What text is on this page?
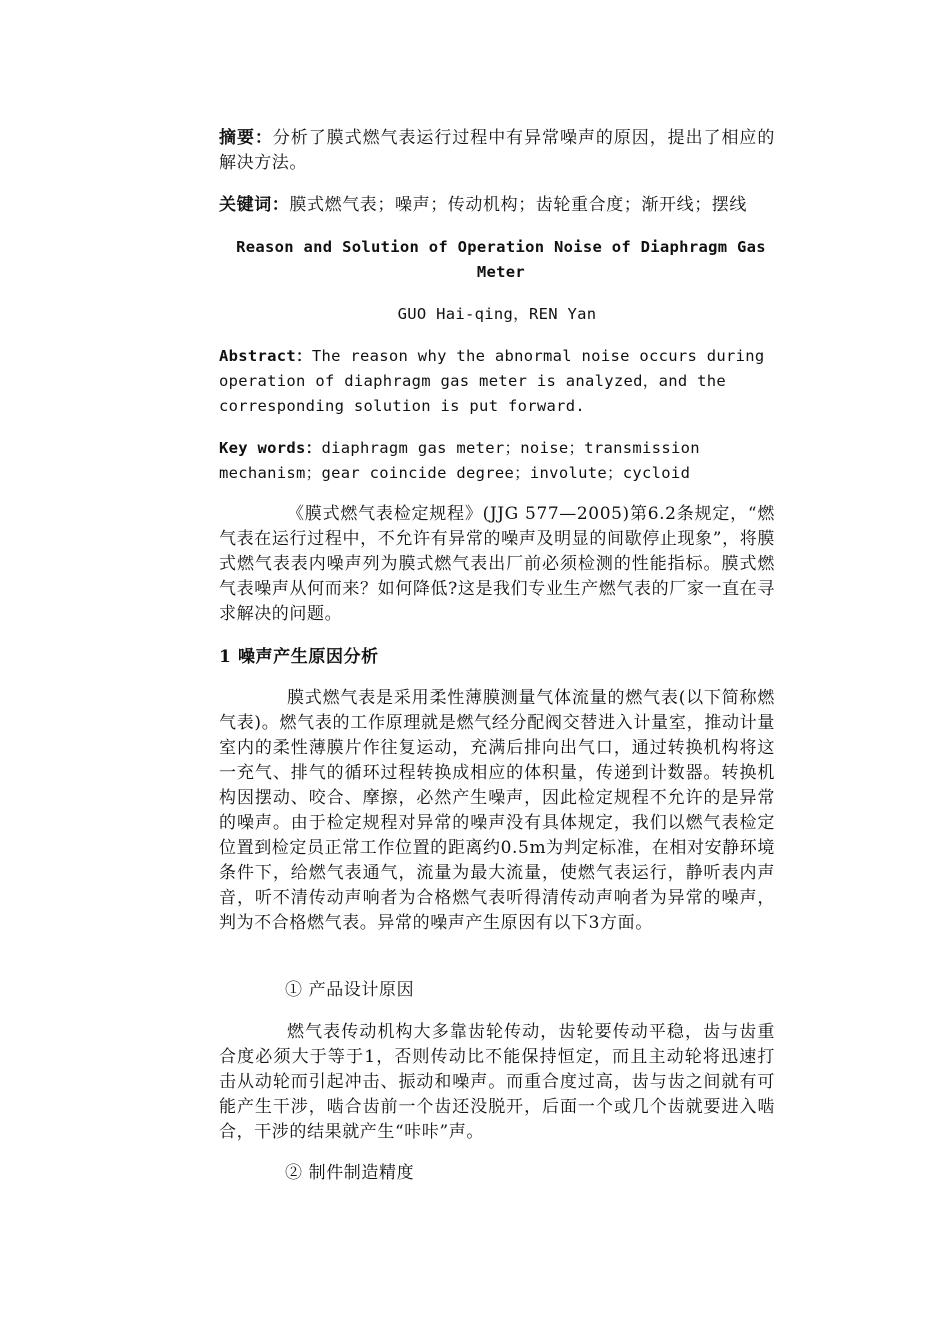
摘要：分析了膜式燃气表运行过程中有异常噪声的原因，提出了相应的解决方法。
关键词：膜式燃气表；噪声；传动机构；齿轮重合度；渐开线；摆线
Reason and Solution of Operation Noise of Diaphragm Gas Meter
GUO Hai-qing，REN Yan
Abstract：The reason why the abnormal noise occurs during operation of diaphragm gas meter is analyzed，and the corresponding solution is put forward.
Key words：diaphragm gas meter；noise；transmission mechanism；gear coincide degree；involute；cycloid
《膜式燃气表检定规程》(JJG 577—2005)第6.2条规定，“燃气表在运行过程中，不允许有异常的噪声及明显的间歇停止现象”，将膜式燃气表表内噪声列为膜式燃气表出厂前必须检测的性能指标。膜式燃气表噪声从何而来？如何降低?这是我们专业生产燃气表的厂家一直在寻求解决的问题。
1 噪声产生原因分析
膜式燃气表是采用柔性薄膜测量气体流量的燃气表(以下简称燃气表)。燃气表的工作原理就是燃气经分配阀交替进入计量室，推动计量室内的柔性薄膜片作往复运动，充满后排向出气口，通过转换机构将这一充气、排气的循环过程转换成相应的体积量，传递到计数器。转换机构因摆动、咬合、摩擦，必然产生噪声，因此检定规程不允许的是异常的噪声。由于检定规程对异常的噪声没有具体规定，我们以燃气表检定位置到检定员正常工作位置的距离约0.5m为判定标准，在相对安静环境条件下，给燃气表通气，流量为最大流量，使燃气表运行，静听表内声音，听不清传动声响者为合格燃气表听得清传动声响者为异常的噪声，判为不合格燃气表。异常的噪声产生原因有以下3方面。
① 产品设计原因
燃气表传动机构大多靠齿轮传动，齿轮要传动平稳，齿与齿重合度必须大于等于1，否则传动比不能保持恒定，而且主动轮将迅速打击从动轮而引起冲击、振动和噪声。而重合度过高，齿与齿之间就有可能产生干涉，啮合齿前一个齿还没脱开，后面一个或几个齿就要进入啮合，干涉的结果就产生“咔咔”声。
② 制件制造精度
